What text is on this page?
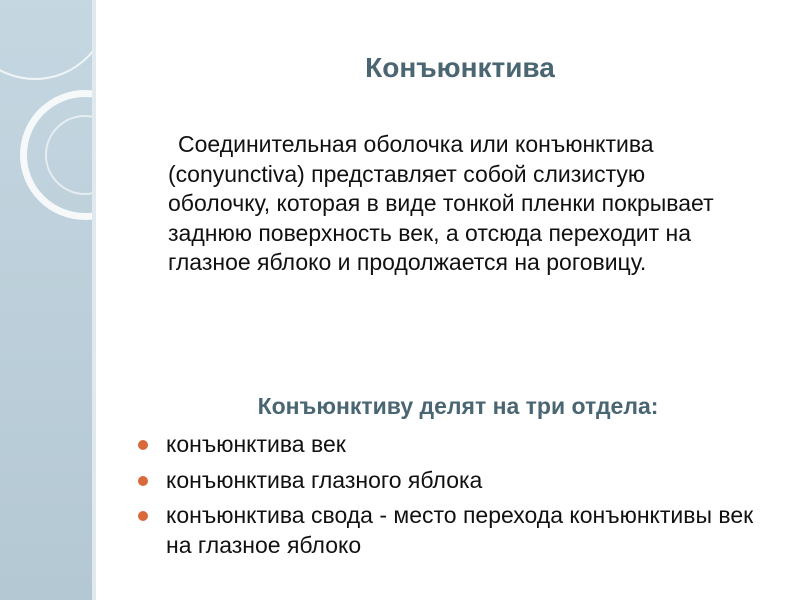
Конъюнктива

Соединительная оболочка или конъюнктива (conyunctiva) представляет собой слизистую оболочку, которая в виде тонкой пленки покрывает заднюю поверхность век, а отсюда переходит на глазное яблоко и продолжается на роговицу.

Конъюнктиву делят на три отдела:
конъюнктива век
конъюнктива глазного яблока
конъюнктива свода - место перехода конъюнктивы век на глазное яблоко
